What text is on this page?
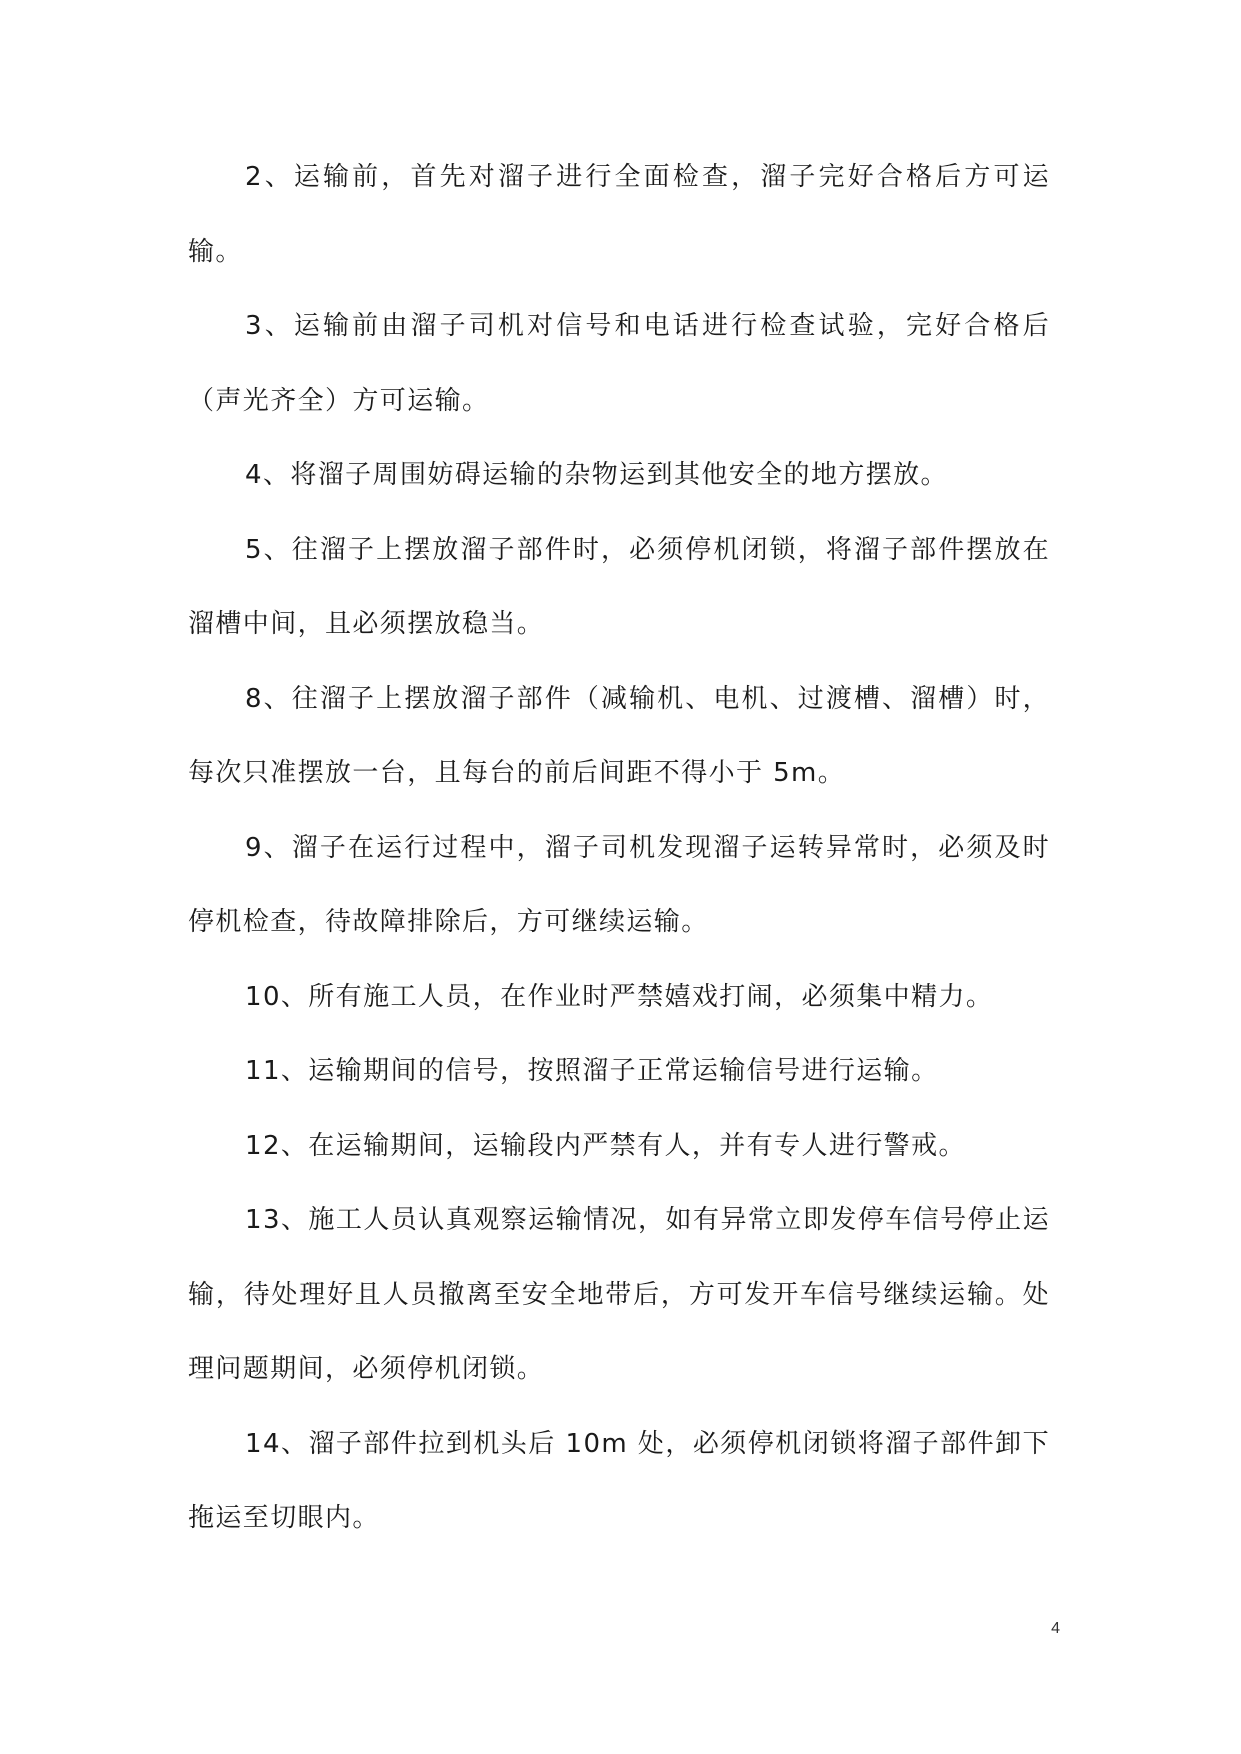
2、运输前，首先对溜子进行全面检查，溜子完好合格后方可运输。

3、运输前由溜子司机对信号和电话进行检查试验，完好合格后（声光齐全）方可运输。

4、将溜子周围妨碍运输的杂物运到其他安全的地方摆放。

5、往溜子上摆放溜子部件时，必须停机闭锁，将溜子部件摆放在溜槽中间，且必须摆放稳当。

8、往溜子上摆放溜子部件（减输机、电机、过渡槽、溜槽）时，每次只准摆放一台，且每台的前后间距不得小于 5m。

9、溜子在运行过程中，溜子司机发现溜子运转异常时，必须及时停机检查，待故障排除后，方可继续运输。

10、所有施工人员，在作业时严禁嬉戏打闹，必须集中精力。

11、运输期间的信号，按照溜子正常运输信号进行运输。

12、在运输期间，运输段内严禁有人，并有专人进行警戒。

13、施工人员认真观察运输情况，如有异常立即发停车信号停止运输，待处理好且人员撤离至安全地带后，方可发开车信号继续运输。处理问题期间，必须停机闭锁。

14、溜子部件拉到机头后 10m 处，必须停机闭锁将溜子部件卸下拖运至切眼内。

4
